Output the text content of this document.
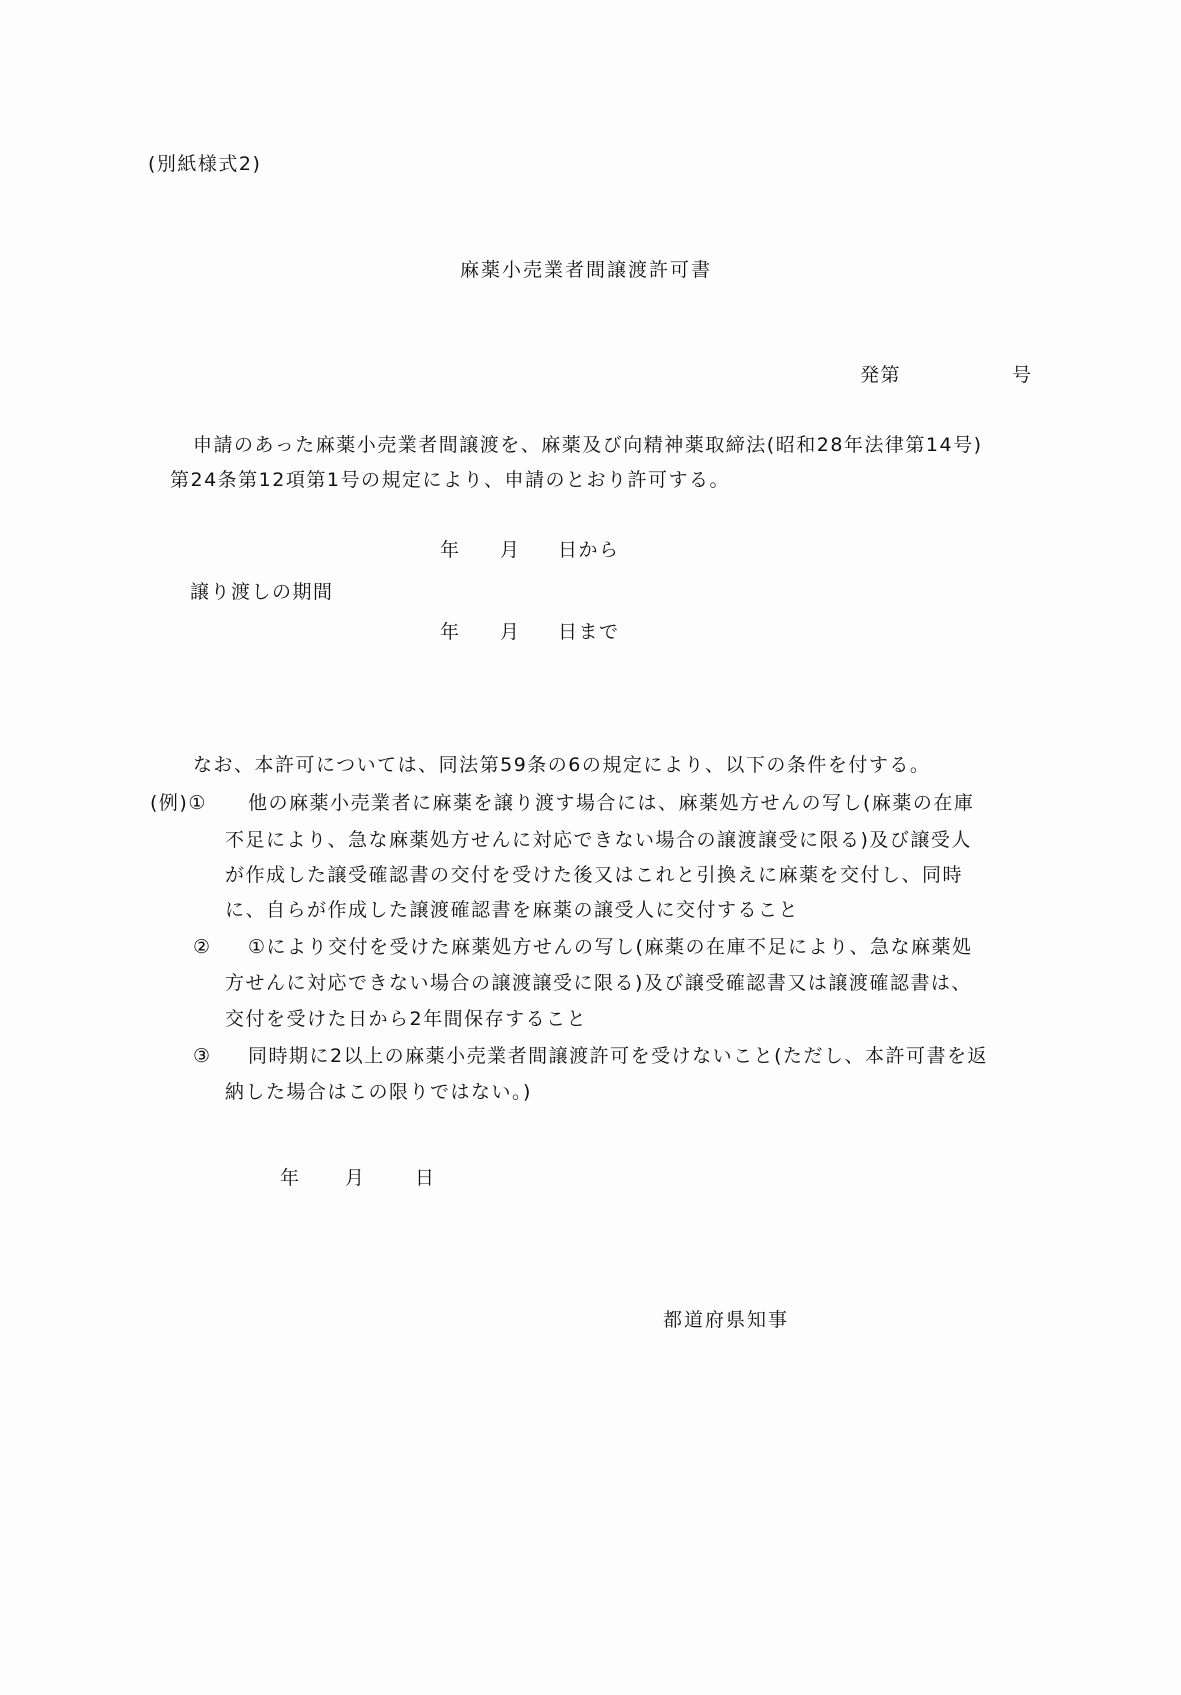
(別紙様式2)
麻薬小売業者間譲渡許可書
発第	号
申請のあった麻薬小売業者間譲渡を、麻薬及び向精神薬取締法(昭和28年法律第14号)
第24条第12項第1号の規定により、申請のとおり許可する。
年 月 日から
譲り渡しの期間
年 月 日まで
なお、本許可については、同法第59条の6の規定により、以下の条件を付する。
(例)① 他の麻薬小売業者に麻薬を譲り渡す場合には、麻薬処方せんの写し(麻薬の在庫
不足により、急な麻薬処方せんに対応できない場合の譲渡譲受に限る)及び譲受人
が作成した譲受確認書の交付を受けた後又はこれと引換えに麻薬を交付し、同時
に、自らが作成した譲渡確認書を麻薬の譲受人に交付すること
② ①により交付を受けた麻薬処方せんの写し(麻薬の在庫不足により、急な麻薬処
方せんに対応できない場合の譲渡譲受に限る)及び譲受確認書又は譲渡確認書は、
交付を受けた日から2年間保存すること
③ 同時期に2以上の麻薬小売業者間譲渡許可を受けないこと(ただし、本許可書を返
納した場合はこの限りではない。)
年 月	日
都道府県知事
